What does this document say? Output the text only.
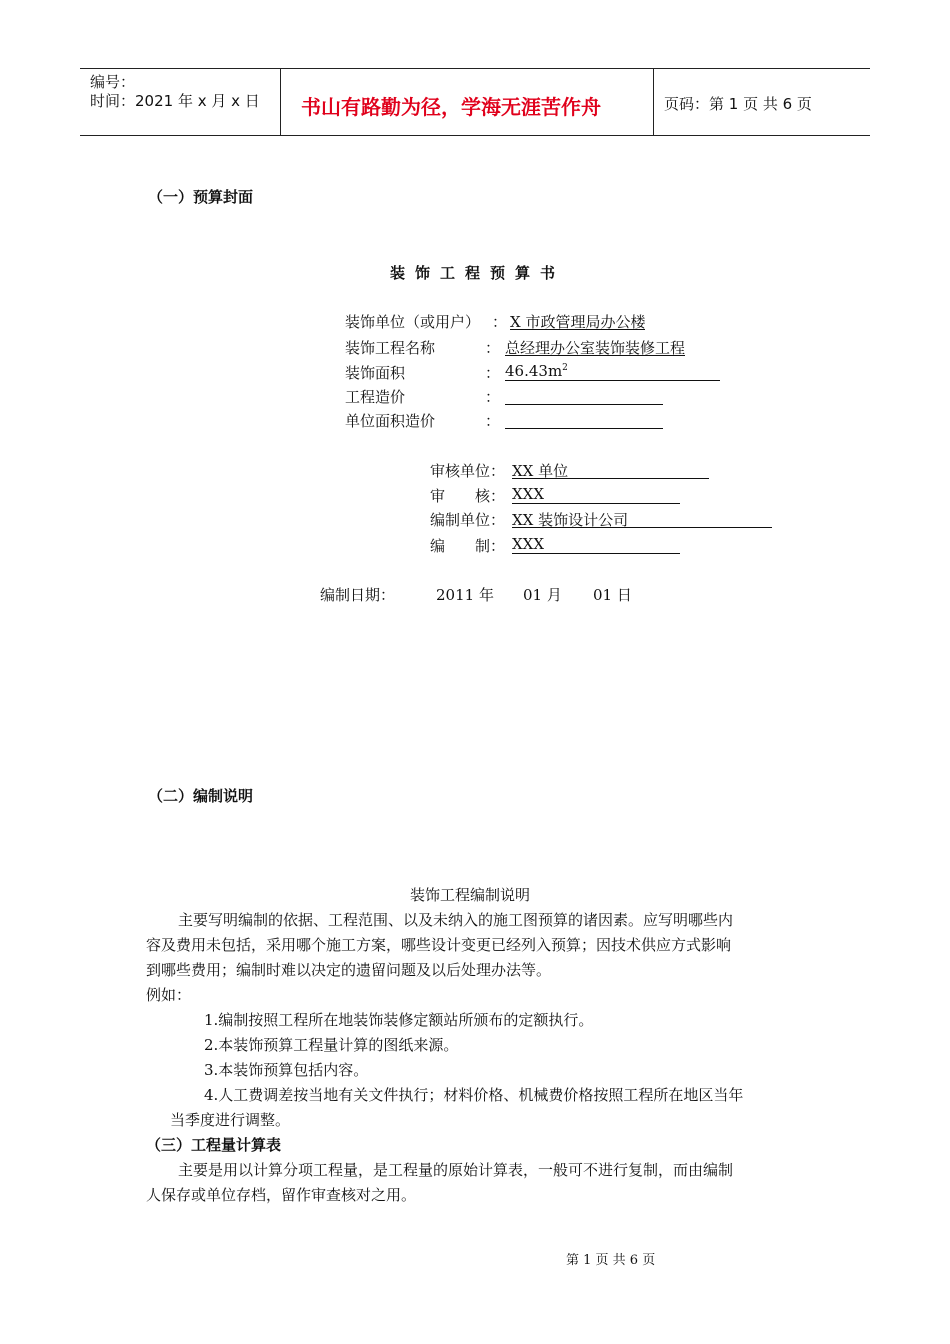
编号：
时间：2021 年 x 月 x 日 书山有路勤为径，学海无涯苦作舟	页码：第 1 页 共 6 页
（一）预算封面
装饰工程预算书
装饰单位（或用户） ： X 市政管理局办公楼
装饰工程名称	： 总经理办公室装饰装修工程
装饰面积	： $46.43m^2$
工程造价	：
单位面积造价	：
审核单位： XX 单位
审　　核： XXX
编制单位： XX 装饰设计公司
编　　制： XXX
编制日期：	2011 年 01 月 01 日
（二）编制说明
装饰工程编制说明
主要写明编制的依据、工程范围、以及未纳入的施工图预算的诸因素。应写明哪些内
容及费用未包括，采用哪个施工方案，哪些设计变更已经列入预算；因技术供应方式影响
到哪些费用；编制时难以决定的遗留问题及以后处理办法等。
例如：
1.编制按照工程所在地装饰装修定额站所颁布的定额执行。
2.本装饰预算工程量计算的图纸来源。
3.本装饰预算包括内容。
4.人工费调差按当地有关文件执行；材料价格、机械费价格按照工程所在地区当年
当季度进行调整。
（三）工程量计算表
主要是用以计算分项工程量，是工程量的原始计算表，一般可不进行复制，而由编制
人保存或单位存档，留作审查核对之用。
第 1 页 共 6 页
